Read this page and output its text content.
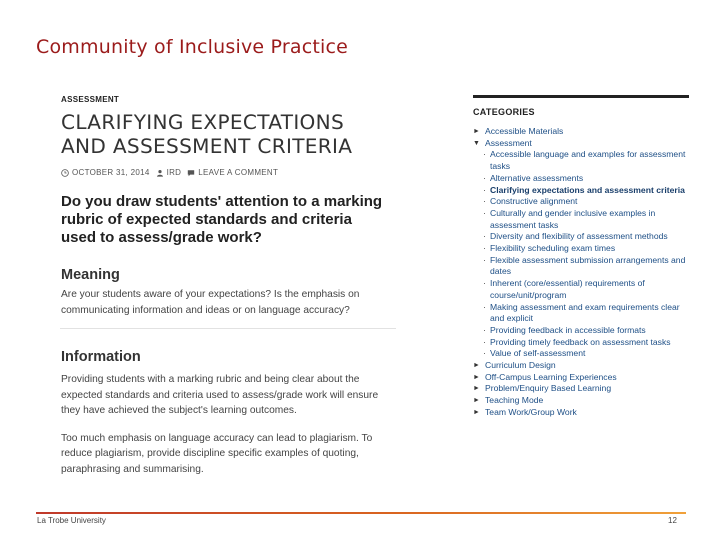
Community of Inclusive Practice
ASSESSMENT
CLARIFYING EXPECTATIONS
AND ASSESSMENT CRITERIA
OCTOBER 31, 2014 IRD LEAVE A COMMENT
Do you draw students' attention to a marking rubric of expected standards and criteria used to assess/grade work?
Meaning
Are your students aware of your expectations? Is the emphasis on communicating information and ideas or on language accuracy?
Information
Providing students with a marking rubric and being clear about the expected standards and criteria used to assess/grade work will ensure they have achieved the subject's learning outcomes.
Too much emphasis on language accuracy can lead to plagiarism. To reduce plagiarism, provide discipline specific examples of quoting, paraphrasing and summarising.
CATEGORIES
► Accessible Materials
▼ Assessment
· Accessible language and examples for assessment tasks
· Alternative assessments
· Clarifying expectations and assessment criteria
· Constructive alignment
· Culturally and gender inclusive examples in assessment tasks
· Diversity and flexibility of assessment methods
· Flexibility scheduling exam times
· Flexible assessment submission arrangements and dates
· Inherent (core/essential) requirements of course/unit/program
· Making assessment and exam requirements clear and explicit
· Providing feedback in accessible formats
· Providing timely feedback on assessment tasks
· Value of self-assessment
► Curriculum Design
► Off-Campus Learning Experiences
► Problem/Enquiry Based Learning
► Teaching Mode
► Team Work/Group Work
La Trobe University	12
